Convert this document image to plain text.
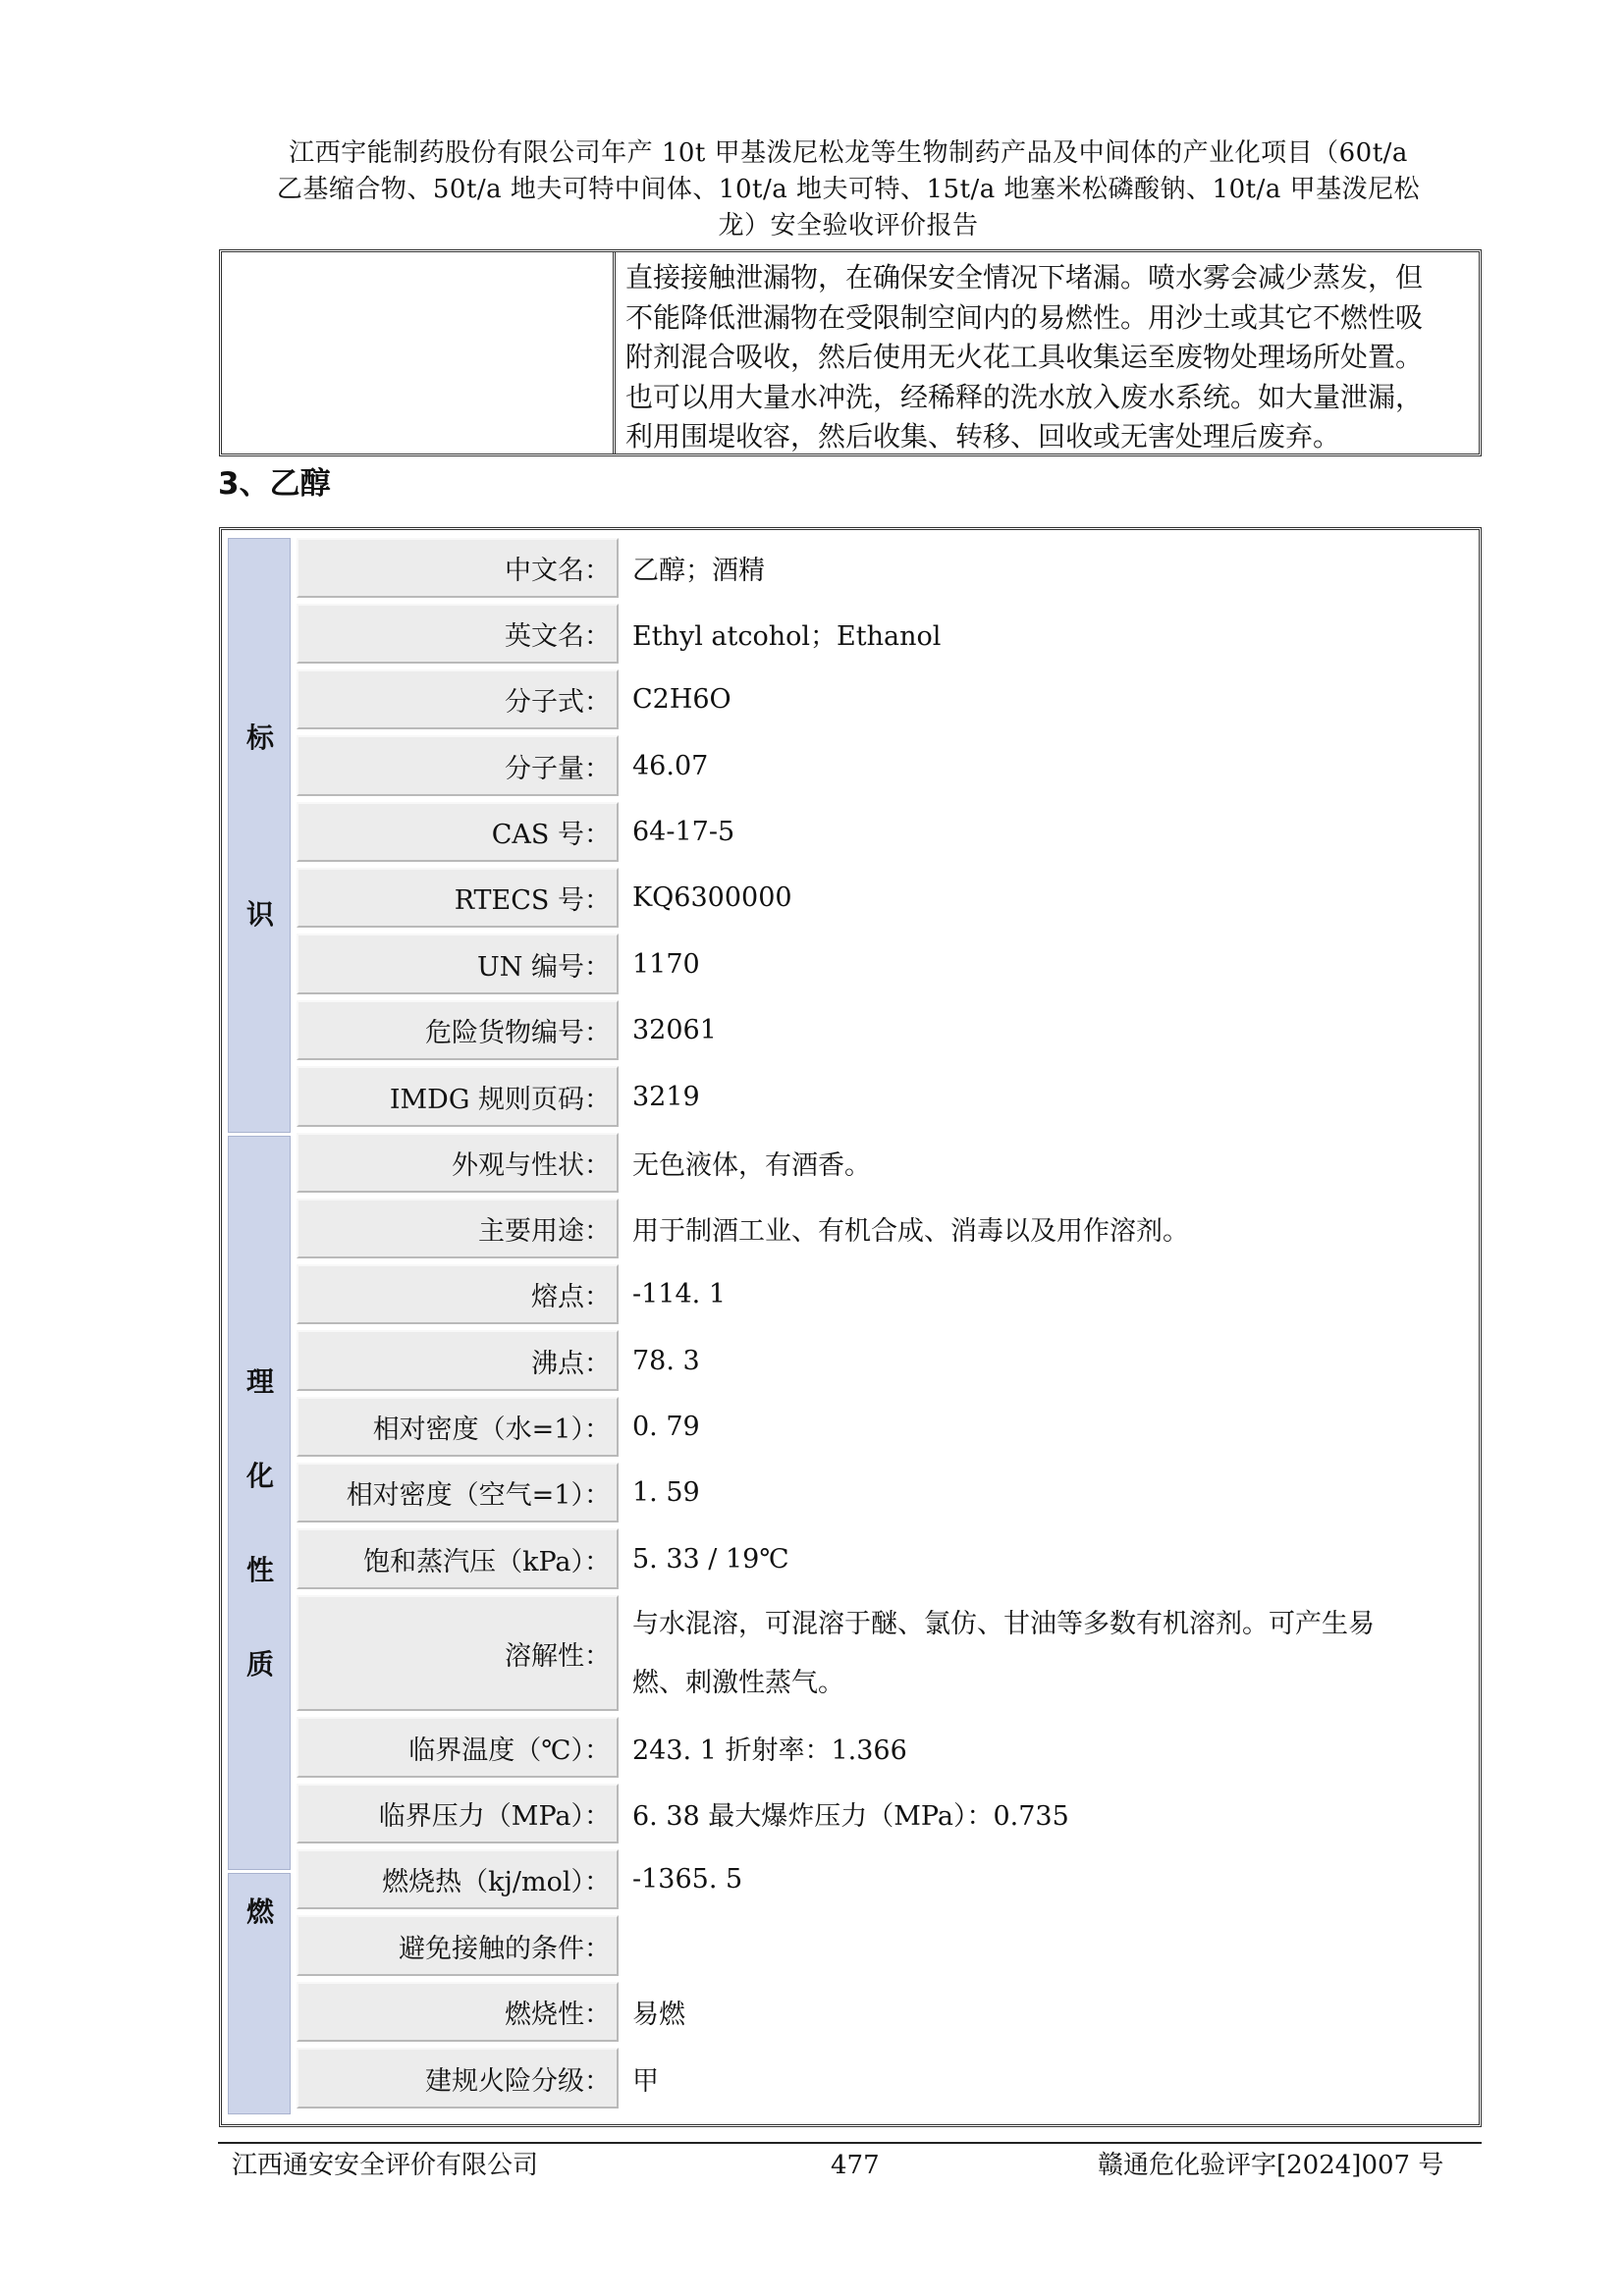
江西宇能制药股份有限公司年产 10t 甲基泼尼松龙等生物制药产品及中间体的产业化项目（60t/a
乙基缩合物、50t/a 地夫可特中间体、10t/a 地夫可特、15t/a 地塞米松磷酸钠、10t/a 甲基泼尼松
龙）安全验收评价报告
直接接触泄漏物，在确保安全情况下堵漏。喷水雾会减少蒸发，但
不能降低泄漏物在受限制空间内的易燃性。用沙土或其它不燃性吸
附剂混合吸收，然后使用无火花工具收集运至废物处理场所处置。
也可以用大量水冲洗，经稀释的洗水放入废水系统。如大量泄漏，
利用围堤收容，然后收集、转移、回收或无害处理后废弃。
3、乙醇
标
识
理
化
性
质
燃
中文名： 乙醇；酒精
英文名： Ethyl atcohol；Ethanol
分子式： C2H6O
分子量： 46.07
CAS 号： 64-17-5
RTECS 号： KQ6300000
UN 编号： 1170
危险货物编号： 32061
IMDG 规则页码： 3219
外观与性状： 无色液体，有酒香。
主要用途： 用于制酒工业、有机合成、消毒以及用作溶剂。
熔点： -114. 1
沸点： 78. 3
相对密度（水=1）： 0. 79
相对密度（空气=1）： 1. 59
饱和蒸汽压（kPa）： 5. 33 / 19℃
溶解性：
与水混溶，可混溶于醚、氯仿、甘油等多数有机溶剂。可产生易
燃、刺激性蒸气。
临界温度（℃）： 243. 1 折射率：1.366
临界压力（MPa）： 6. 38 最大爆炸压力（MPa）：0.735
燃烧热（kj/mol）： -1365. 5
避免接触的条件：
燃烧性： 易燃
建规火险分级： 甲
江西通安安全评价有限公司	477	赣通危化验评字[2024]007 号
